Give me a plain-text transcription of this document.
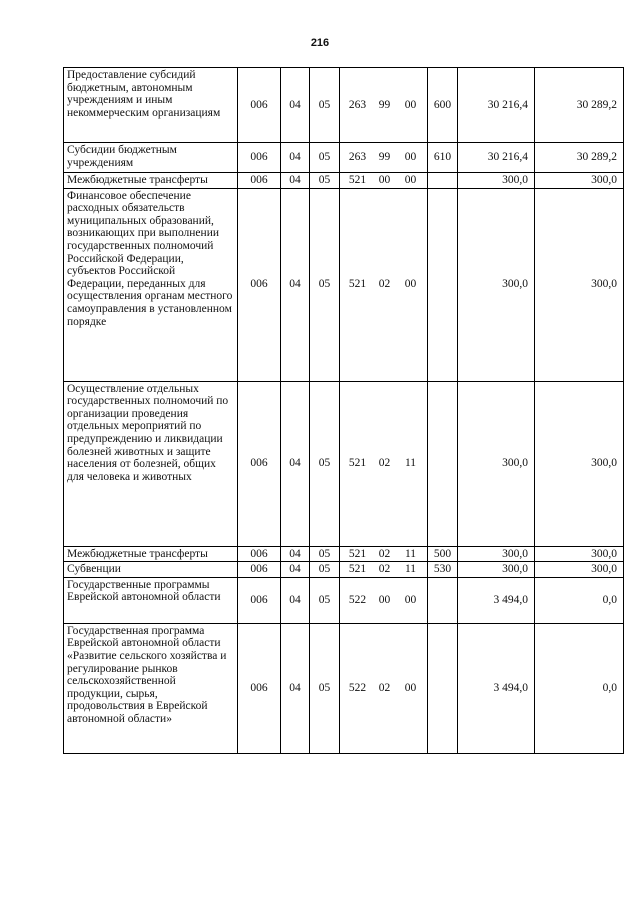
216
Предоставление субсидий бюджетным, автономным учреждениям и иным некоммерческим организациям	006	04	05	263 99 00	600	30 216,4	30 289,2
Субсидии бюджетным учреждениям	006	04	05	263 99 00	610	30 216,4	30 289,2
Межбюджетные трансферты	006	04	05	521 00 00		300,0	300,0
Финансовое обеспечение расходных обязательств муниципальных образований, возникающих при выполнении государственных полномочий Российской Федерации, субъектов Российской Федерации, переданных для осуществления органам местного самоуправления в установленном порядке	006	04	05	521 02 00		300,0	300,0
Осуществление отдельных государственных полномочий по организации проведения отдельных мероприятий по предупреждению и ликвидации болезней животных и защите населения от болезней, общих для человека и животных	006	04	05	521 02 11		300,0	300,0
Межбюджетные трансферты	006	04	05	521 02 11	500	300,0	300,0
Субвенции	006	04	05	521 02 11	530	300,0	300,0
Государственные программы Еврейской автономной области	006	04	05	522 00 00		3 494,0	0,0
Государственная программа Еврейской автономной области «Развитие сельского хозяйства и регулирование рынков сельскохозяйственной продукции, сырья, продовольствия в Еврейской автономной области»	006	04	05	522 02 00		3 494,0	0,0
